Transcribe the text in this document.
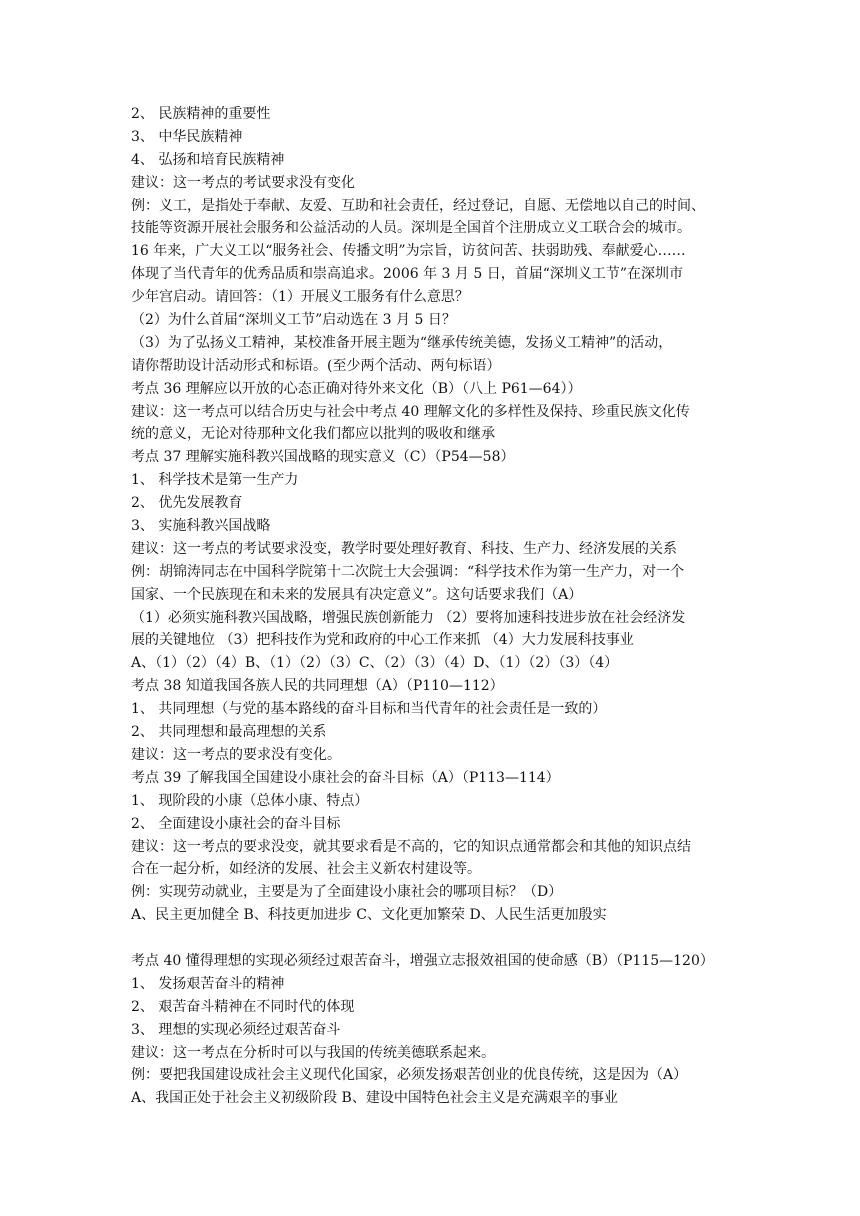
2、 民族精神的重要性
3、 中华民族精神
4、 弘扬和培育民族精神
建议：这一考点的考试要求没有变化
例：义工，是指处于奉献、友爱、互助和社会责任，经过登记，自愿、无偿地以自己的时间、
技能等资源开展社会服务和公益活动的人员。深圳是全国首个注册成立义工联合会的城市。
16 年来，广大义工以“服务社会、传播文明”为宗旨，访贫问苦、扶弱助残、奉献爱心……
体现了当代青年的优秀品质和崇高追求。2006 年 3 月 5 日，首届“深圳义工节”在深圳市
少年宫启动。请回答：（1）开展义工服务有什么意思？
（2）为什么首届“深圳义工节”启动选在 3 月 5 日？
（3）为了弘扬义工精神，某校准备开展主题为“继承传统美德，发扬义工精神”的活动，
请你帮助设计活动形式和标语。(至少两个活动、两句标语）
考点 36 理解应以开放的心态正确对待外来文化（B）（八上 P61—64））
建议：这一考点可以结合历史与社会中考点 40 理解文化的多样性及保持、珍重民族文化传
统的意义，无论对待那种文化我们都应以批判的吸收和继承
考点 37 理解实施科教兴国战略的现实意义（C）（P54—58）
1、 科学技术是第一生产力
2、 优先发展教育
3、 实施科教兴国战略
建议：这一考点的考试要求没变，教学时要处理好教育、科技、生产力、经济发展的关系
例：胡锦涛同志在中国科学院第十二次院士大会强调：“科学技术作为第一生产力，对一个
国家、一个民族现在和未来的发展具有决定意义”。这句话要求我们（A）
（1）必须实施科教兴国战略，增强民族创新能力 （2）要将加速科技进步放在社会经济发
展的关键地位 （3）把科技作为党和政府的中心工作来抓 （4）大力发展科技事业
A、（1）（2）（4）B、（1）（2）（3）C、（2）（3）（4）D、（1）（2）（3）（4）
考点 38 知道我国各族人民的共同理想（A）（P110—112）
1、 共同理想（与党的基本路线的奋斗目标和当代青年的社会责任是一致的）
2、 共同理想和最高理想的关系
建议：这一考点的要求没有变化。
考点 39 了解我国全国建设小康社会的奋斗目标（A）（P113—114）
1、 现阶段的小康（总体小康、特点）
2、 全面建设小康社会的奋斗目标
建议：这一考点的要求没变，就其要求看是不高的，它的知识点通常都会和其他的知识点结
合在一起分析，如经济的发展、社会主义新农村建设等。
例：实现劳动就业，主要是为了全面建设小康社会的哪项目标？（D）
A、民主更加健全 B、科技更加进步 C、文化更加繁荣 D、人民生活更加殷实
考点 40 懂得理想的实现必须经过艰苦奋斗，增强立志报效祖国的使命感（B）（P115—120）
1、 发扬艰苦奋斗的精神
2、 艰苦奋斗精神在不同时代的体现
3、 理想的实现必须经过艰苦奋斗
建议：这一考点在分析时可以与我国的传统美德联系起来。
例：要把我国建设成社会主义现代化国家，必须发扬艰苦创业的优良传统，这是因为（A）
A、我国正处于社会主义初级阶段 B、建设中国特色社会主义是充满艰辛的事业
